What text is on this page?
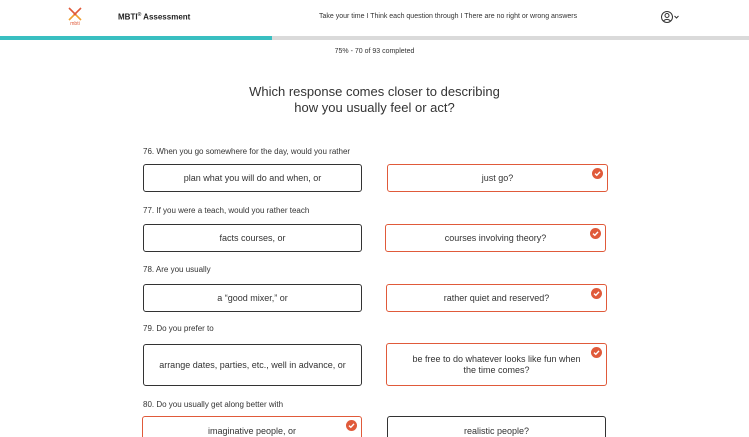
mbti
MBTI® Assessment	Take your time I Think each question through I There are no right or wrong answers
75% - 70 of 93 completed
Which response comes closer to describing
how you usually feel or act?
76. When you go somewhere for the day, would you rather
plan what you will do and when, or	just go?
77. If you were a teach, would you rather teach
facts courses, or	courses involving theory?
78. Are you usually
a “good mixer,” or	rather quiet and reserved?
79. Do you prefer to
arrange dates, parties, etc., well in advance, or
be free to do whatever looks like fun when the time comes?
80. Do you usually get along better with
imaginative people, or	realistic people?
